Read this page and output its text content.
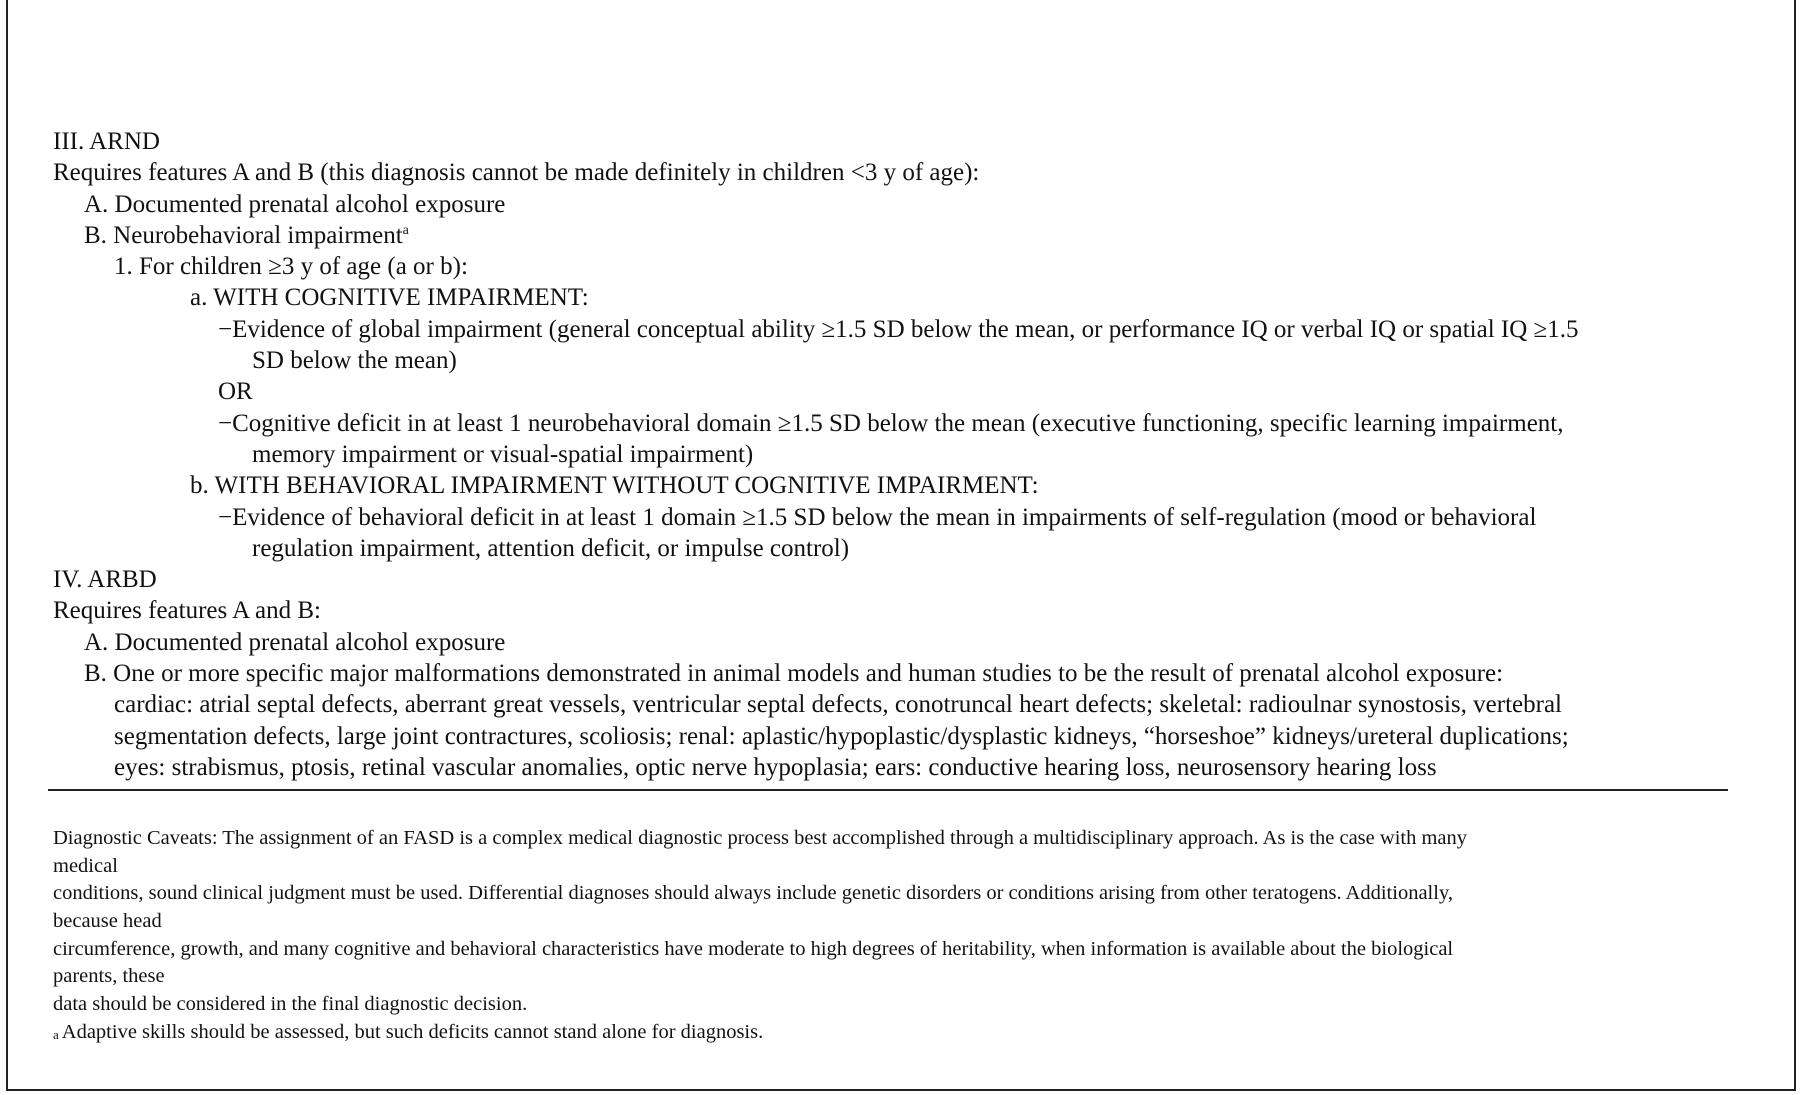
III. ARND
Requires features A and B (this diagnosis cannot be made definitely in children <3 y of age):
A. Documented prenatal alcohol exposure
B. Neurobehavioral impairment$^a$
1. For children ≥3 y of age (a or b):
a. WITH COGNITIVE IMPAIRMENT:
−Evidence of global impairment (general conceptual ability ≥1.5 SD below the mean, or performance IQ or verbal IQ or spatial IQ ≥1.5
SD below the mean)
OR
−Cognitive deficit in at least 1 neurobehavioral domain ≥1.5 SD below the mean (executive functioning, specific learning impairment,
memory impairment or visual-spatial impairment)
b. WITH BEHAVIORAL IMPAIRMENT WITHOUT COGNITIVE IMPAIRMENT:
−Evidence of behavioral deficit in at least 1 domain ≥1.5 SD below the mean in impairments of self-regulation (mood or behavioral
regulation impairment, attention deficit, or impulse control)
IV. ARBD
Requires features A and B:
A. Documented prenatal alcohol exposure
B. One or more specific major malformations demonstrated in animal models and human studies to be the result of prenatal alcohol exposure:
cardiac: atrial septal defects, aberrant great vessels, ventricular septal defects, conotruncal heart defects; skeletal: radioulnar synostosis, vertebral
segmentation defects, large joint contractures, scoliosis; renal: aplastic/hypoplastic/dysplastic kidneys, “horseshoe” kidneys/ureteral duplications;
eyes: strabismus, ptosis, retinal vascular anomalies, optic nerve hypoplasia; ears: conductive hearing loss, neurosensory hearing loss
Diagnostic Caveats: The assignment of an FASD is a complex medical diagnostic process best accomplished through a multidisciplinary approach. As is the case with many
medical
conditions, sound clinical judgment must be used. Differential diagnoses should always include genetic disorders or conditions arising from other teratogens. Additionally,
because head
circumference, growth, and many cognitive and behavioral characteristics have moderate to high degrees of heritability, when information is available about the biological
parents, these
data should be considered in the final diagnostic decision.
a Adaptive skills should be assessed, but such deficits cannot stand alone for diagnosis.
